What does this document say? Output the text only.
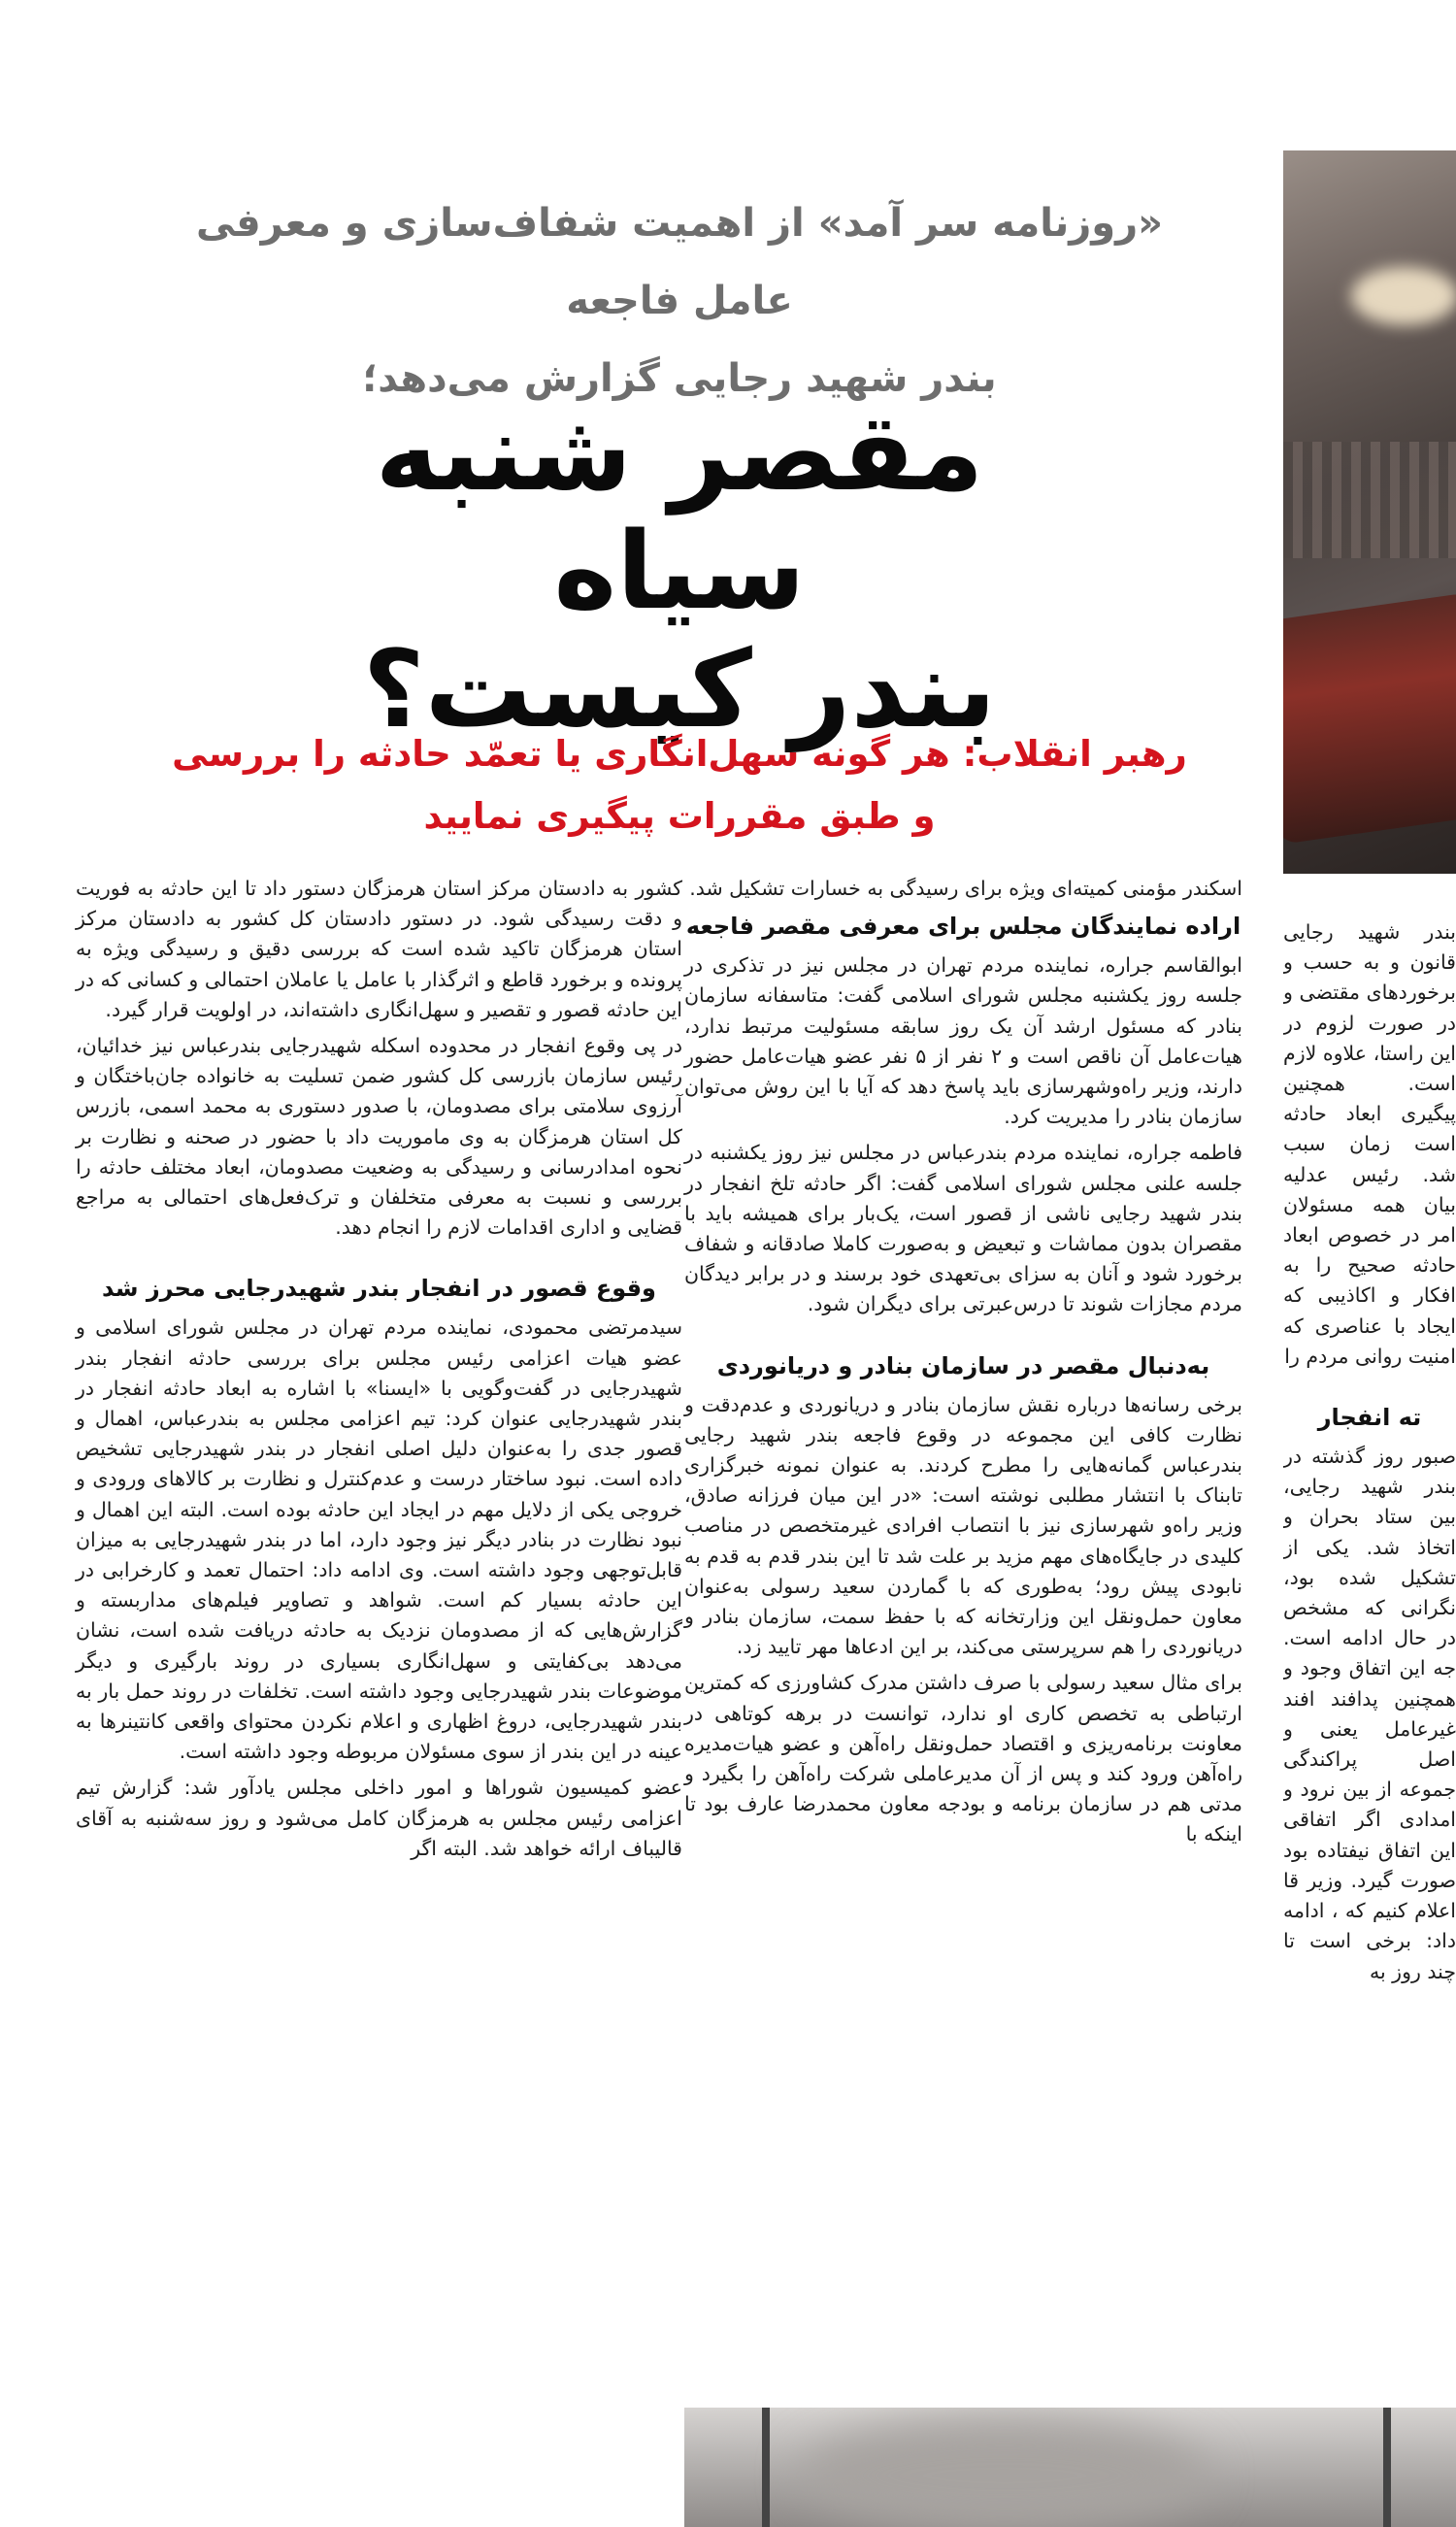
«روزنامه سر آمد» از اهمیت شفاف‌سازی و معرفی عامل فاجعه
بندر شهید رجایی گزارش می‌دهد؛
مقصر شنبه سیاه
بندر کیست؟
رهبر انقلاب: هر گونه سهل‌انگاری یا تعمّد حادثه را بررسی
و طبق مقررات پیگیری نمایید

اسکندر مؤمنی کمیته‌ای ویژه برای رسیدگی به خسارات تشکیل شد.

اراده نمایندگان مجلس برای معرفی مقصر فاجعه

ابوالقاسم جراره، نماینده مردم تهران در مجلس نیز در تذکری در جلسه روز یکشنبه مجلس شورای اسلامی گفت: متاسفانه سازمان بنادر که مسئول ارشد آن یک روز سابقه مسئولیت مرتبط ندارد، هیات‌عامل آن ناقص است و ۲ نفر از ۵ نفر عضو هیات‌عامل حضور دارند، وزیر راه‌و‌شهرسازی باید پاسخ دهد که آیا با این روش می‌توان سازمان بنادر را مدیریت کرد.

فاطمه جراره، نماینده مردم بندرعباس در مجلس نیز روز یکشنبه در جلسه علنی مجلس شورای اسلامی گفت: اگر حادثه تلخ انفجار در بندر شهید رجایی ناشی از قصور است، یک‌بار برای همیشه باید با مقصران بدون مماشات و تبعیض و به‌صورت کاملا صادقانه و شفاف برخورد شود و آنان به سزای بی‌تعهدی خود برسند و در برابر دیدگان مردم مجازات شوند تا درس‌عبرتی برای دیگران شود.

به‌دنبال مقصر در سازمان بنادر و دریانوردی

برخی رسانه‌ها درباره نقش سازمان بنادر و دریانوردی و عدم‌دقت و نظارت کافی این مجموعه در وقوع فاجعه بندر شهید رجایی بندرعباس گمانه‌هایی را مطرح کردند. به عنوان نمونه خبرگزاری تابناک با انتشار مطلبی نوشته است: «در این میان فرزانه صادق، وزیر راه‌و شهرسازی نیز با انتصاب افرادی غیرمتخصص در مناصب کلیدی در جایگاه‌های مهم مزید بر علت شد تا این بندر قدم به قدم به نابودی پیش رود؛ به‌طوری که با گماردن سعید رسولی به‌عنوان معاون حمل‌ونقل این وزارتخانه که با حفظ سمت، سازمان بنادر و دریانوردی را هم سرپرستی می‌کند، بر این ادعاها مهر تایید زد.

برای مثال سعید رسولی با صرف داشتن مدرک کشاورزی که کمترین ارتباطی به تخصص کاری او ندارد، توانست در برهه کوتاهی در معاونت برنامه‌ریزی و اقتصاد حمل‌ونقل راه‌آهن و عضو هیات‌مدیره راه‌آهن ورود کند و پس از آن مدیرعاملی شرکت راه‌آهن را بگیرد و مدتی هم در سازمان برنامه و بودجه معاون محمدرضا عارف بود تا اینکه با

کشور به دادستان مرکز استان هرمزگان دستور داد تا این حادثه به فوریت و دقت رسیدگی شود. در دستور دادستان کل کشور به دادستان مرکز استان هرمزگان تاکید شده است که بررسی دقیق و رسیدگی ویژه به پرونده و برخورد قاطع و اثرگذار با عامل یا عاملان احتمالی و کسانی که در این حادثه قصور و تقصیر و سهل‌انگاری داشته‌اند، در اولویت قرار گیرد.

در پی وقوع انفجار در محدوده اسکله شهید‌رجایی بندرعباس نیز خدائیان، رئیس سازمان بازرسی کل کشور ضمن تسلیت به خانواده جان‌باختگان و آرزوی سلامتی برای مصدومان، با صدور دستوری به محمد اسمی، بازرس کل استان هرمزگان به وی ماموریت داد با حضور در صحنه و نظارت بر نحوه امدادرسانی و رسیدگی به وضعیت مصدومان، ابعاد مختلف حادثه را بررسی و نسبت به معرفی متخلفان و ترک‌فعل‌های احتمالی به مراجع قضایی و اداری اقدامات لازم را انجام دهد.

وقوع قصور در انفجار بندر شهید‌رجایی محرز شد

سید‌مرتضی محمودی، نماینده مردم تهران در مجلس شورای اسلامی و عضو هیات اعزامی رئیس مجلس برای بررسی حادثه انفجار بندر شهید‌رجایی در گفت‌وگویی با «ایسنا» با اشاره به ابعاد حادثه انفجار در بندر شهید‌رجایی عنوان کرد: تیم اعزامی مجلس به بندرعباس، اهمال و قصور جدی را به‌عنوان دلیل اصلی انفجار در بندر شهید‌رجایی تشخیص داده است. نبود ساختار درست و عدم‌کنترل و نظارت بر کالاهای ورودی و خروجی یکی از دلایل مهم در ایجاد این حادثه بوده است. البته این اهمال و نبود نظارت در بنادر دیگر نیز وجود دارد، اما در بندر شهید‌رجایی به میزان قابل‌توجهی وجود داشته است. وی ادامه داد: احتمال تعمد و کارخرابی در این حادثه بسیار کم است. شواهد و تصاویر فیلم‌های مدار‌بسته و گزارش‌هایی که از مصدومان نزدیک به حادثه دریافت شده است، نشان می‌دهد بی‌کفایتی و سهل‌انگاری بسیاری در روند بارگیری و دیگر موضوعات بندر شهید‌رجایی وجود داشته است. تخلفات در روند حمل بار به بندر شهید‌رجایی، دروغ اظهاری و اعلام نکردن محتوای واقعی کانتینرها به عینه در این بندر از سوی مسئولان مربوطه وجود داشته است.

عضو کمیسیون شوراها و امور داخلی مجلس یادآور شد: گزارش تیم اعزامی رئیس مجلس به هرمزگان کامل می‌شود و روز سه‌شنبه به آقای قالیباف ارائه خواهد شد. البته اگر

بندر شهید رجایی قانون و به حسب و برخوردهای مقتضی و در صورت لزوم در این راستا، علاوه لازم است. همچنین پیگیری ابعاد حادثه است زمان سبب شد. رئیس عدلیه بیان همه مسئولان امر در خصوص ابعاد حادثه صحیح را به افکار و اکاذیبی که ایجاد با عناصری که امنیت روانی مردم را

ته انفجار

صبور روز گذشته در بندر شهید رجایی، بین ستاد بحران و اتخاذ شد. یکی از تشکیل شده بود، نگرانی که مشخص در حال ادامه است. جه این اتفاق وجود و همچنین پدافند افند غیرعامل یعنی و اصل پراکندگی جموعه از بین نرود و امدادی اگر اتفاقی این اتفاق نیفتاده بود صورت گیرد. وزیر قا اعلام کنیم که ، ادامه داد: برخی است تا چند روز به
